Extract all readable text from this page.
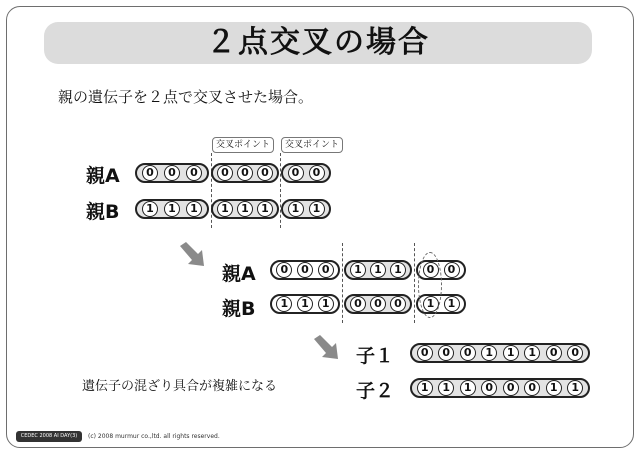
２点交叉の場合
親の遺伝子を２点で交叉させた場合。
交叉ポイント	交叉ポイント
親A	0	0	0	0	0	0	0	0
親B	1	1	1	1	1	1	1	1
親A	0	0	0	1	1	1	0	0
親B	1	1	1	0	0	0	1	1
子１	0	0	0	1	1	1	0	0
子２	1	1	1	0	0	0	1	1
遺伝子の混ざり具合が複雑になる
CEDEC 2008 AI DAY(3)	(c) 2008 murmur co.,ltd. all rights reserved.
